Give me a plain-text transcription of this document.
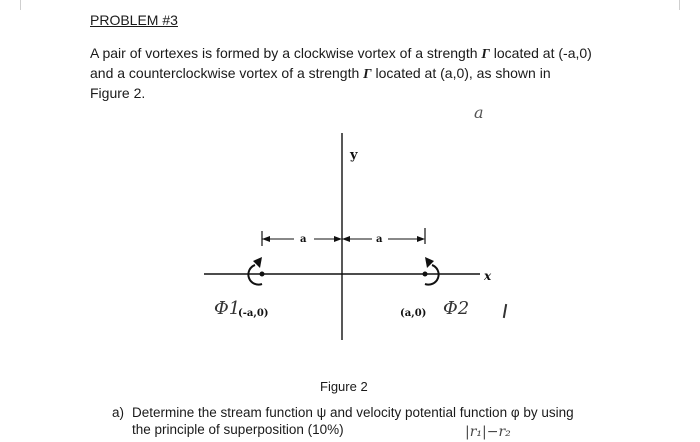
PROBLEM #3
A pair of vortexes is formed by a clockwise vortex of a strength Γ located at (-a,0)
and a counterclockwise vortex of a strength Γ located at (a,0), as shown in
Figure 2.
a
y
x
a	a
(-a,0)	(a,0)
Φ1	Φ2
Figure 2
a) Determine the stream function ψ and velocity potential function φ by using
the principle of superposition (10%)	|r₁|−r₂
